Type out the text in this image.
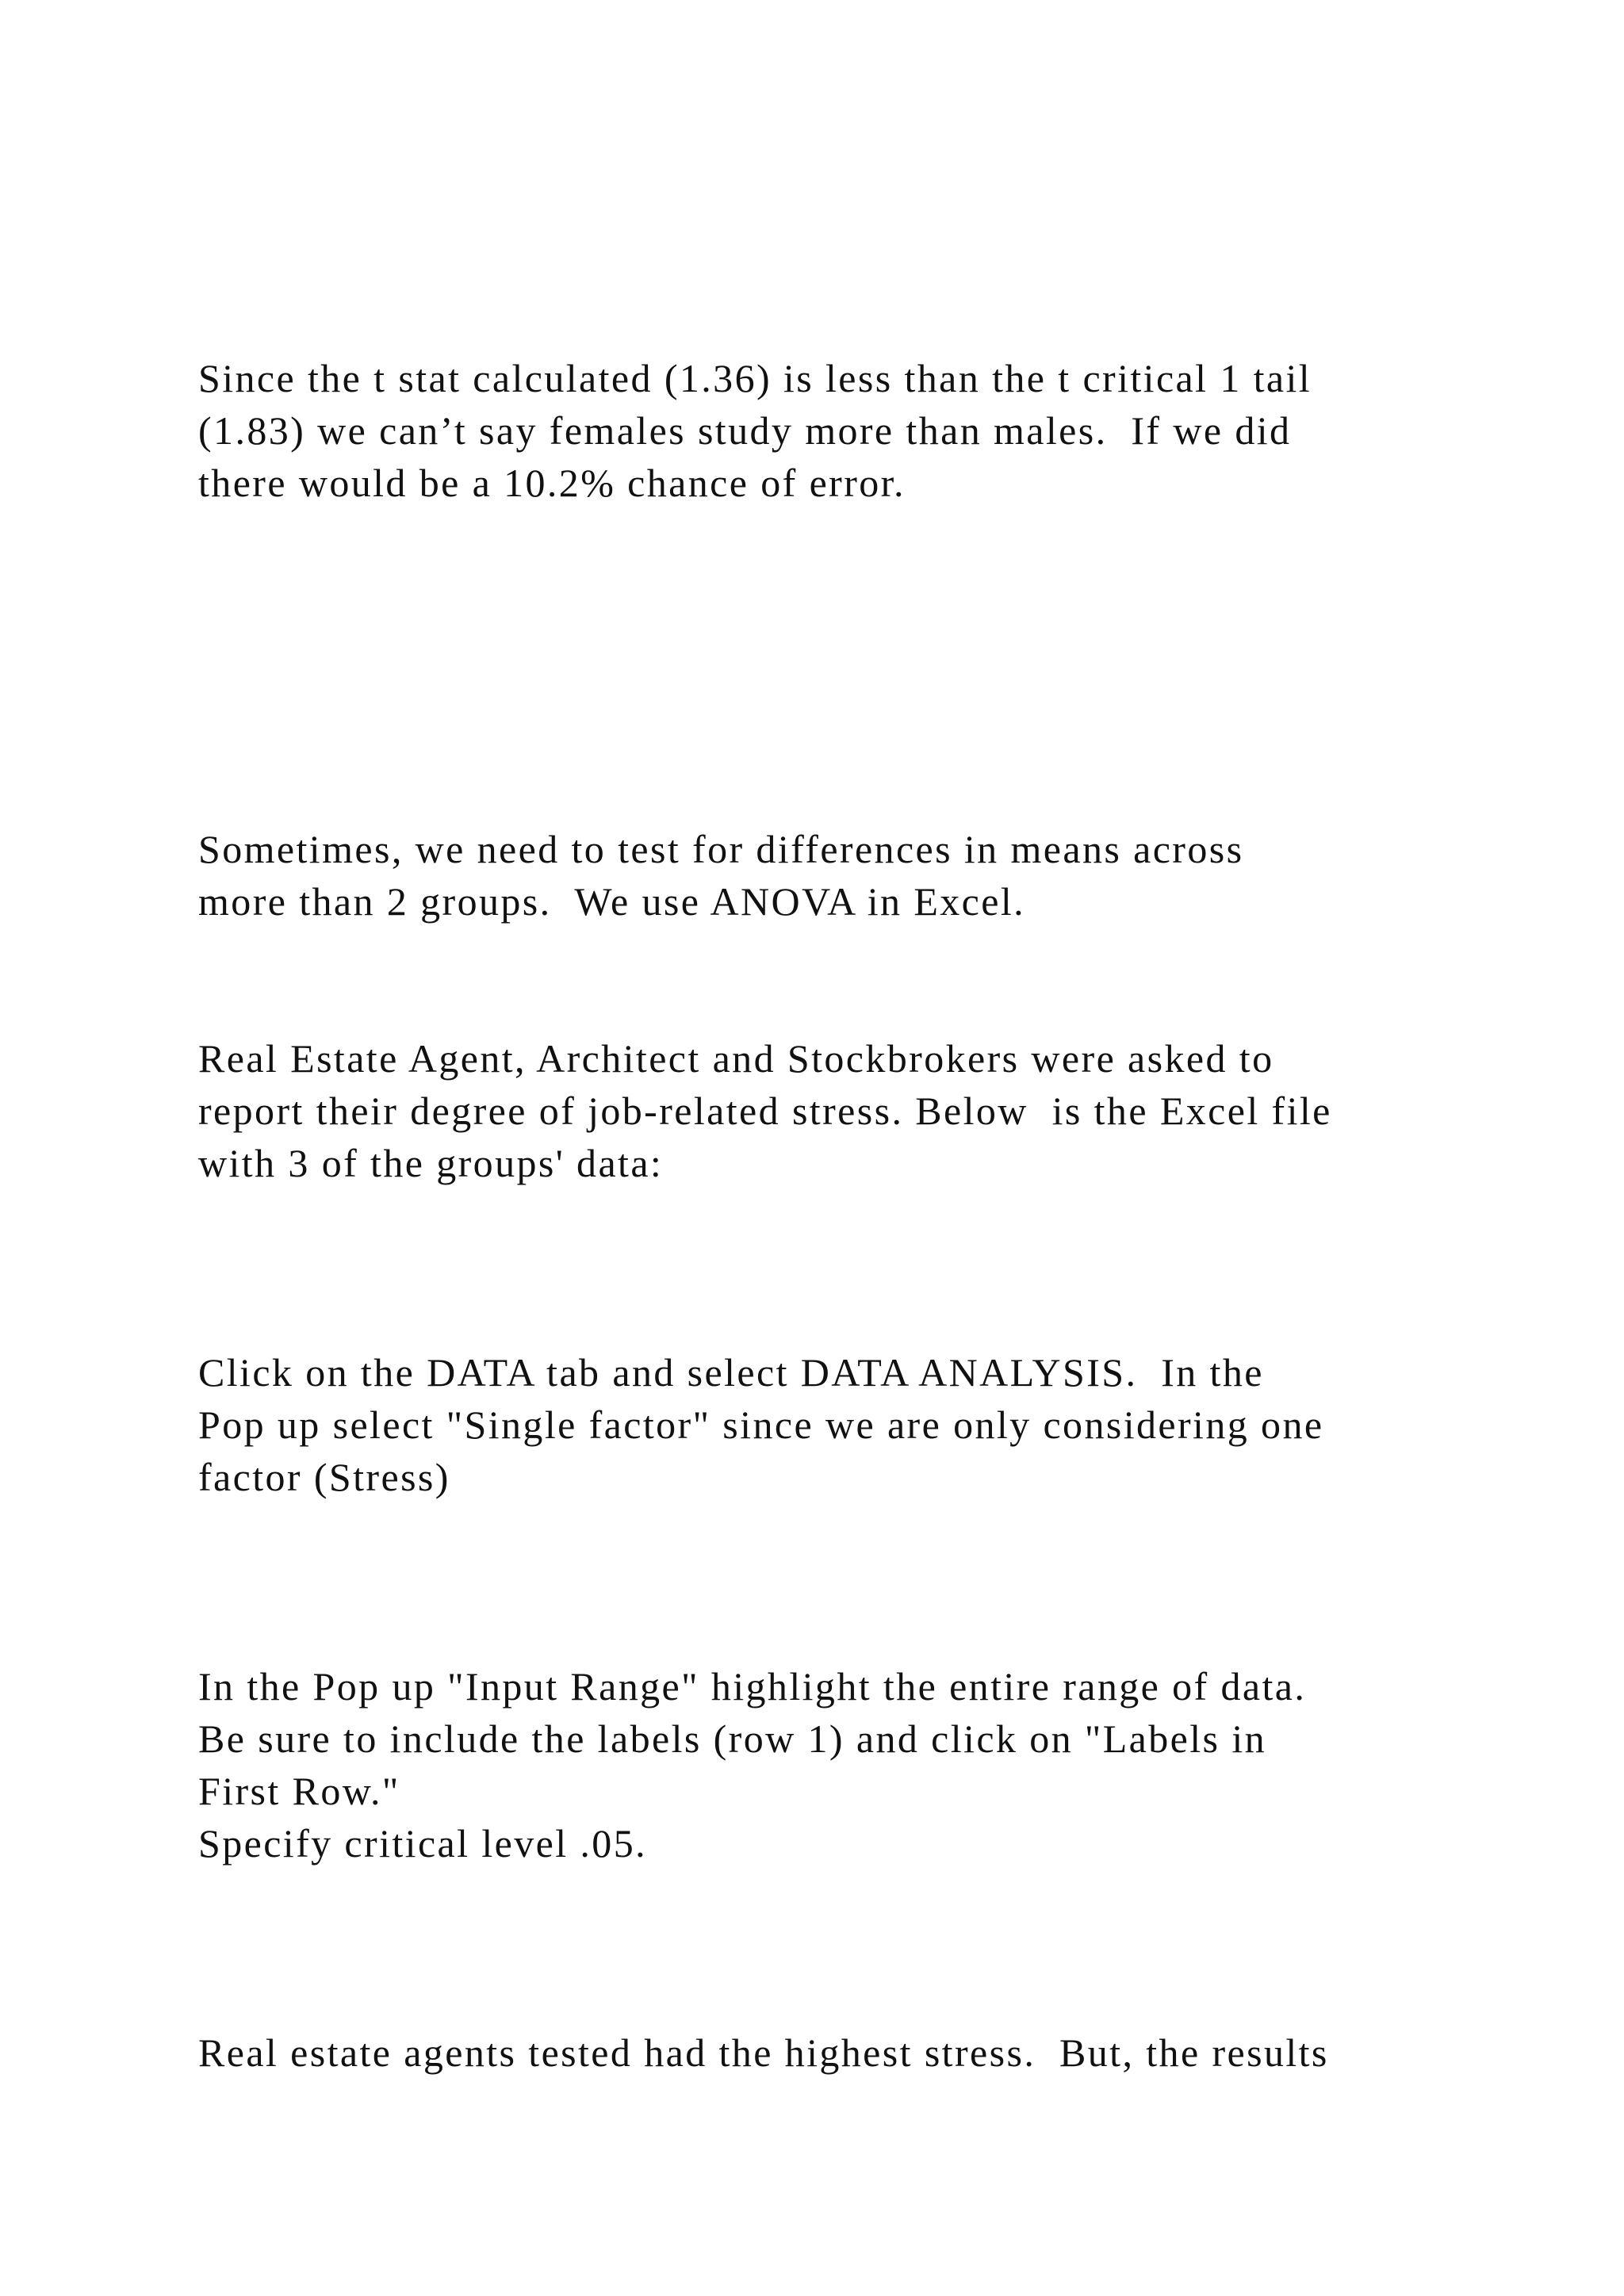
Since the t stat calculated (1.36) is less than the t critical 1 tail
(1.83) we can’t say females study more than males.  If we did
there would be a 10.2% chance of error.

Sometimes, we need to test for differences in means across
more than 2 groups.  We use ANOVA in Excel.

Real Estate Agent, Architect and Stockbrokers were asked to
report their degree of job-related stress. Below  is the Excel file
with 3 of the groups' data:

Click on the DATA tab and select DATA ANALYSIS.  In the
Pop up select "Single factor" since we are only considering one
factor (Stress)

In the Pop up "Input Range" highlight the entire range of data.
Be sure to include the labels (row 1) and click on "Labels in
First Row."
Specify critical level .05.

Real estate agents tested had the highest stress.  But, the results
